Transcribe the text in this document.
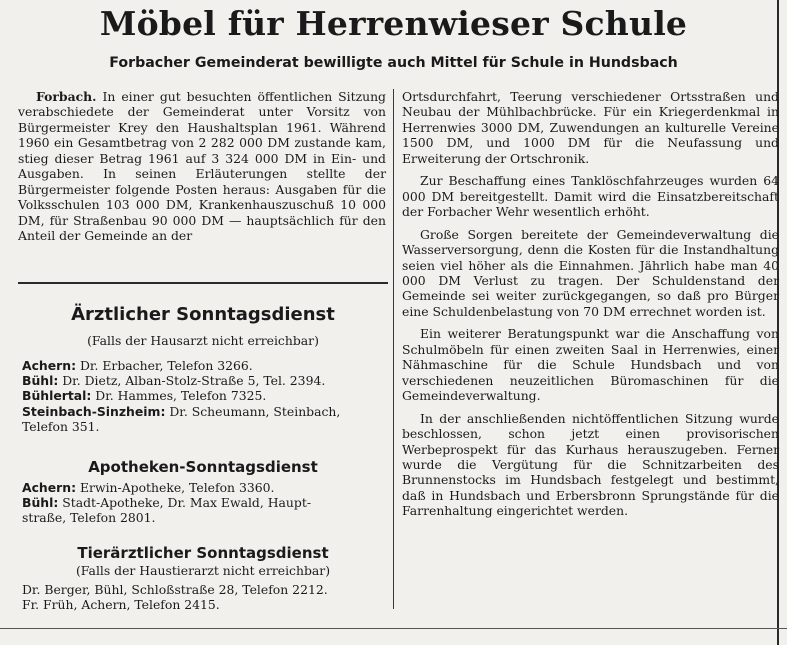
Möbel für Herrenwieser Schule
Forbacher Gemeinderat bewilligte auch Mittel für Schule in Hundsbach

Forbach. In einer gut besuchten öffentlichen Sitzung verabschiedete der Gemeinderat unter Vorsitz von Bürgermeister Krey den Haushaltsplan 1961. Während 1960 ein Gesamtbetrag von 2 282 000 DM zustande kam, stieg dieser Betrag 1961 auf 3 324 000 DM in Ein- und Ausgaben. In seinen Erläuterungen stellte der Bürgermeister folgende Posten heraus: Ausgaben für die Volksschulen 103 000 DM, Krankenhauszuschuß 10 000 DM, für Straßenbau 90 000 DM — hauptsächlich für den Anteil der Gemeinde an der

Ortsdurchfahrt, Teerung verschiedener Ortsstraßen und Neubau der Mühlbachbrücke. Für ein Kriegerdenkmal in Herrenwies 3000 DM, Zuwendungen an kulturelle Vereine 1500 DM, und 1000 DM für die Neufassung und Erweiterung der Ortschronik.

Zur Beschaffung eines Tanklöschfahrzeuges wurden 64 000 DM bereitgestellt. Damit wird die Einsatzbereitschaft der Forbacher Wehr wesentlich erhöht.

Große Sorgen bereitete der Gemeindeverwaltung die Wasserversorgung, denn die Kosten für die Instandhaltung seien viel höher als die Einnahmen. Jährlich habe man 40 000 DM Verlust zu tragen. Der Schuldenstand der Gemeinde sei weiter zurückgegangen, so daß pro Bürger eine Schuldenbelastung von 70 DM errechnet worden ist.

Ein weiterer Beratungspunkt war die Anschaffung von Schulmöbeln für einen zweiten Saal in Herrenwies, einer Nähmaschine für die Schule Hundsbach und von verschiedenen neuzeitlichen Büromaschinen für die Gemeindeverwaltung.

In der anschließenden nichtöffentlichen Sitzung wurde beschlossen, schon jetzt einen provisorischen Werbeprospekt für das Kurhaus herauszugeben. Ferner wurde die Vergütung für die Schnitzarbeiten des Brunnenstocks im Hundsbach festgelegt und bestimmt, daß in Hundsbach und Erbersbronn Sprungstände für die Farrenhaltung eingerichtet werden.

Ärztlicher Sonntagsdienst
(Falls der Hausarzt nicht erreichbar)
Achern: Dr. Erbacher, Telefon 3266.
Bühl: Dr. Dietz, Alban-Stolz-Straße 5, Tel. 2394.
Bühlertal: Dr. Hammes, Telefon 7325.
Steinbach-Sinzheim: Dr. Scheumann, Steinbach,
Telefon 351.
Apotheken-Sonntagsdienst
Achern: Erwin-Apotheke, Telefon 3360.
Bühl: Stadt-Apotheke, Dr. Max Ewald, Haupt-
straße, Telefon 2801.
Tierärztlicher Sonntagsdienst
(Falls der Haustierarzt nicht erreichbar)
Dr. Berger, Bühl, Schloßstraße 28, Telefon 2212.
Fr. Früh, Achern, Telefon 2415.
